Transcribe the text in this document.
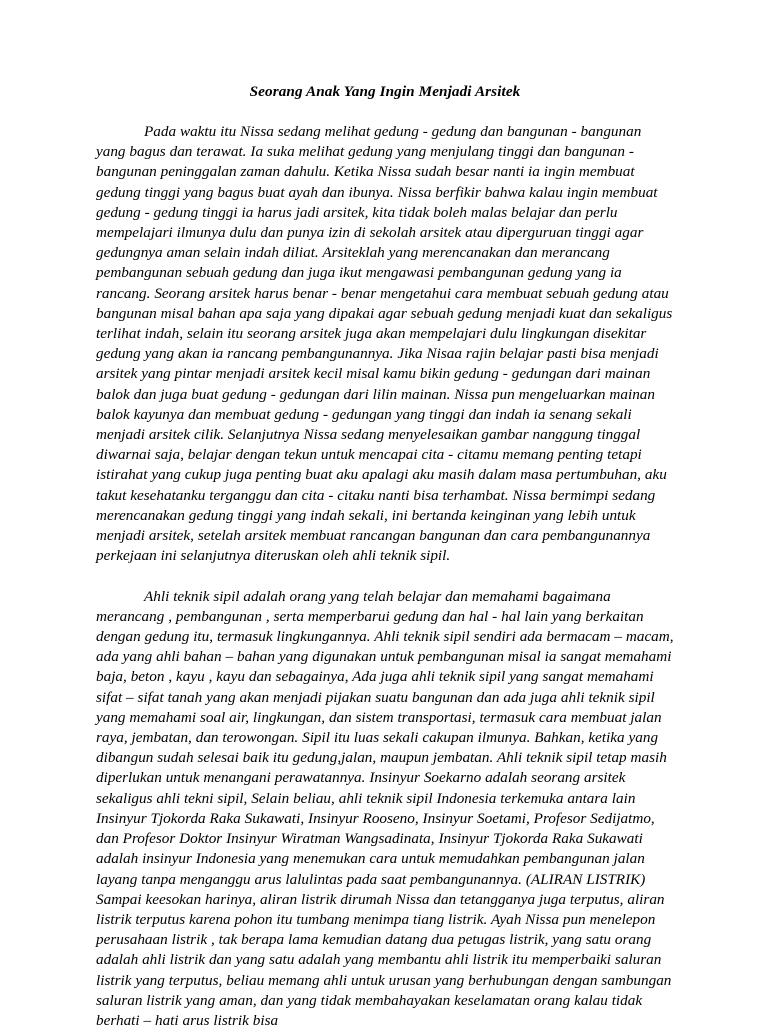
Seorang Anak Yang Ingin Menjadi Arsitek

Pada waktu itu Nissa sedang melihat gedung - gedung dan bangunan - bangunan yang bagus dan terawat. Ia suka melihat gedung yang menjulang tinggi dan bangunan - bangunan peninggalan zaman dahulu. Ketika Nissa sudah besar nanti ia ingin membuat gedung tinggi yang bagus buat ayah dan ibunya. Nissa berfikir bahwa kalau ingin membuat gedung - gedung tinggi ia harus jadi arsitek, kita tidak boleh malas belajar dan perlu mempelajari ilmunya dulu dan punya izin di sekolah arsitek atau diperguruan tinggi agar gedungnya aman selain indah diliat. Arsiteklah yang merencanakan dan merancang pembangunan sebuah gedung dan juga ikut mengawasi pembangunan gedung yang ia rancang. Seorang arsitek harus benar - benar mengetahui cara membuat sebuah gedung atau bangunan misal bahan apa saja yang dipakai agar sebuah gedung menjadi kuat dan sekaligus terlihat indah, selain itu seorang arsitek juga akan mempelajari dulu lingkungan disekitar gedung yang akan ia rancang pembangunannya. Jika Nisaa rajin belajar pasti bisa menjadi arsitek yang pintar menjadi arsitek kecil misal kamu bikin gedung - gedungan dari mainan balok dan juga buat gedung - gedungan dari lilin mainan. Nissa pun mengeluarkan mainan balok kayunya dan membuat gedung - gedungan yang tinggi dan indah ia senang sekali menjadi arsitek cilik. Selanjutnya Nissa sedang menyelesaikan gambar nanggung tinggal diwarnai saja, belajar dengan tekun untuk mencapai cita - citamu memang penting tetapi istirahat yang cukup juga penting buat aku apalagi aku masih dalam masa pertumbuhan, aku takut kesehatanku terganggu dan cita - citaku nanti bisa terhambat. Nissa bermimpi sedang merencanakan gedung tinggi yang indah sekali, ini bertanda keinginan yang lebih untuk menjadi arsitek, setelah arsitek membuat rancangan bangunan dan cara pembangunannya perkejaan ini selanjutnya diteruskan oleh ahli teknik sipil.

Ahli teknik sipil adalah orang yang telah belajar dan memahami bagaimana merancang , pembangunan , serta memperbarui gedung dan hal - hal lain yang berkaitan dengan gedung itu, termasuk lingkungannya. Ahli teknik sipil sendiri ada bermacam – macam, ada yang ahli bahan – bahan yang digunakan untuk pembangunan misal ia sangat memahami baja, beton , kayu , kayu dan sebagainya, Ada juga ahli teknik sipil yang sangat memahami sifat – sifat tanah yang akan menjadi pijakan suatu bangunan dan ada juga ahli teknik sipil yang memahami soal air, lingkungan, dan sistem transportasi, termasuk cara membuat jalan raya, jembatan, dan terowongan. Sipil itu luas sekali cakupan ilmunya. Bahkan, ketika yang dibangun sudah selesai baik itu gedung,jalan, maupun jembatan. Ahli teknik sipil tetap masih diperlukan untuk menangani perawatannya. Insinyur Soekarno adalah seorang arsitek sekaligus ahli tekni sipil, Selain beliau, ahli teknik sipil Indonesia terkemuka antara lain Insinyur Tjokorda Raka Sukawati, Insinyur Rooseno, Insinyur Soetami, Profesor Sedijatmo, dan Profesor Doktor Insinyur Wiratman Wangsadinata, Insinyur Tjokorda Raka Sukawati adalah insinyur Indonesia yang menemukan cara untuk memudahkan pembangunan jalan layang tanpa menganggu arus lalulintas pada saat pembangunannya. (ALIRAN LISTRIK) Sampai keesokan harinya, aliran listrik dirumah Nissa dan tetangganya juga terputus, aliran listrik terputus karena pohon itu tumbang menimpa tiang listrik. Ayah Nissa pun menelepon perusahaan listrik , tak berapa lama kemudian datang dua petugas listrik, yang satu orang adalah ahli listrik dan yang satu adalah yang membantu ahli listrik itu memperbaiki saluran listrik yang terputus, beliau memang ahli untuk urusan yang berhubungan dengan sambungan saluran listrik yang aman, dan yang tidak membahayakan keselamatan orang kalau tidak berhati – hati arus listrik bisa
